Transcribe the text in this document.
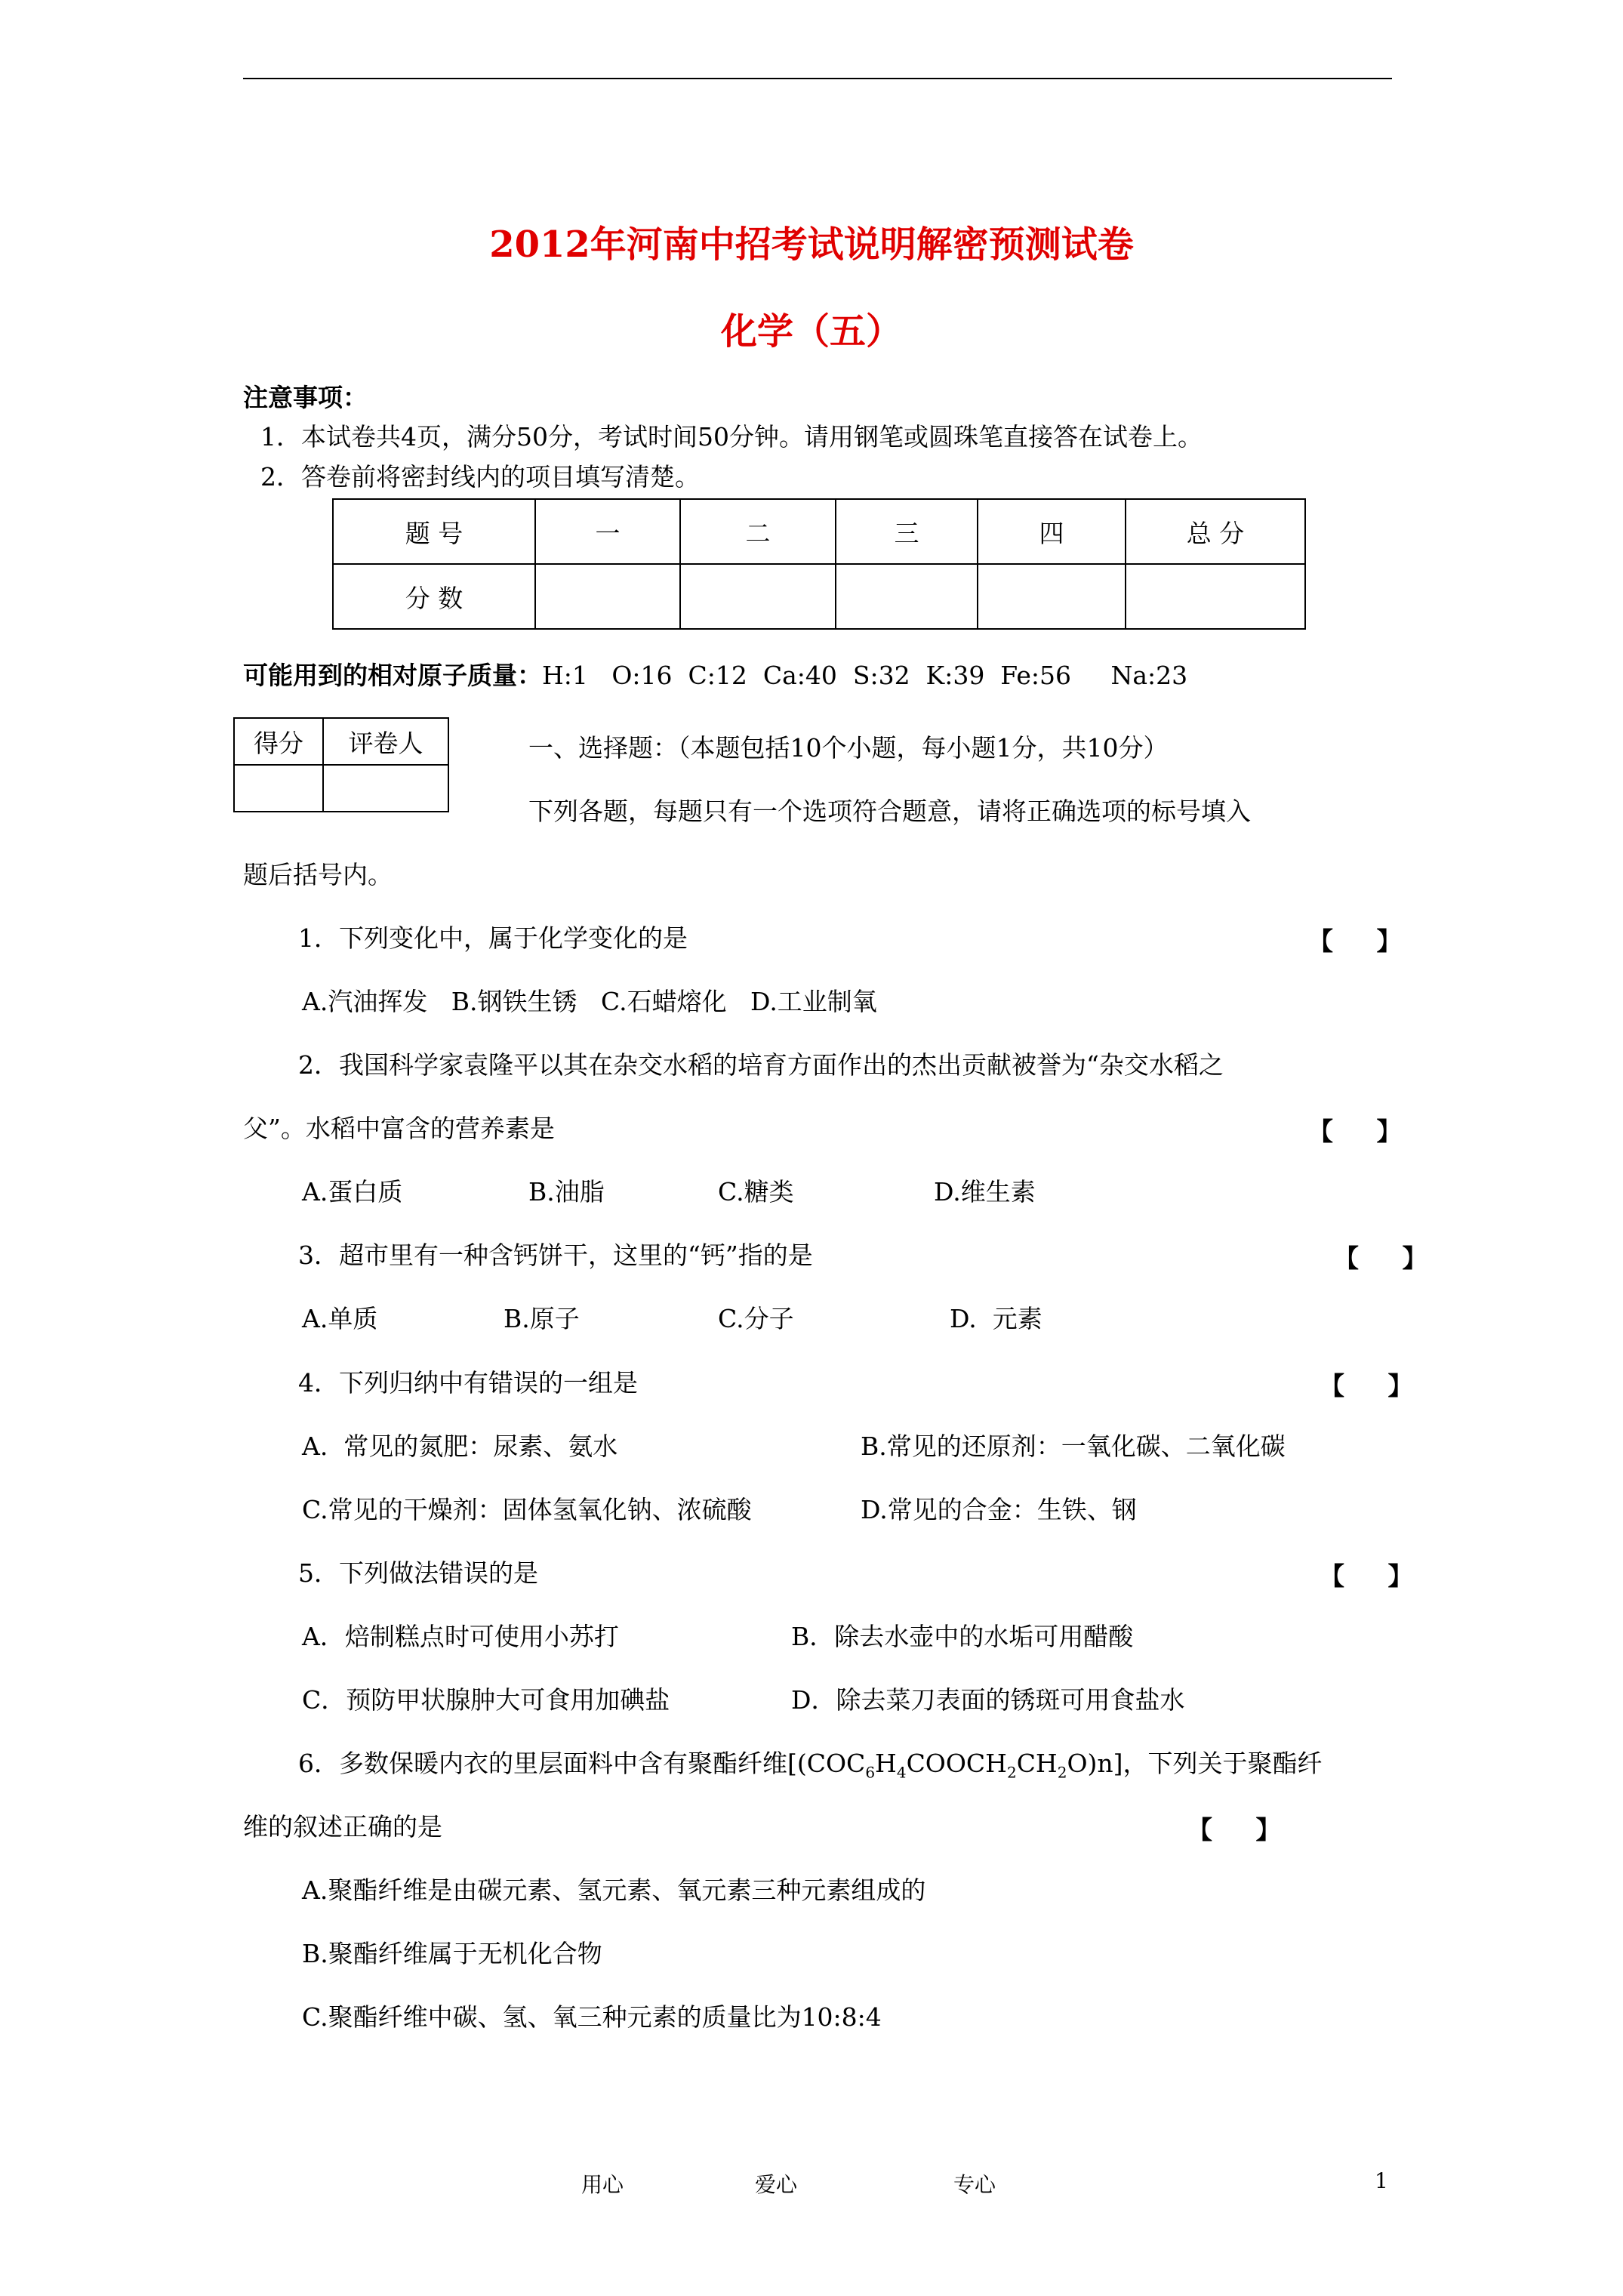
2012年河南中招考试说明解密预测试卷
化学（五）
注意事项：
1．本试卷共4页，满分50分，考试时间50分钟。请用钢笔或圆珠笔直接答在试卷上。
2．答卷前将密封线内的项目填写清楚。
题 号	一	二	三	四	总 分
分 数					
可能用到的相对原子质量：H:1   O:16  C:12  Ca:40  S:32  K:39  Fe:56     Na:23
得分	评卷人
		一、选择题：（本题包括10个小题，每小题1分，共10分）
下列各题，每题只有一个选项符合题意，请将正确选项的标号填入
题后括号内。
1．下列变化中，属于化学变化的是	【     】
A.汽油挥发   B.钢铁生锈   C.石蜡熔化   D.工业制氧
2．我国科学家袁隆平以其在杂交水稻的培育方面作出的杰出贡献被誉为“杂交水稻之
父”。水稻中富含的营养素是	【     】
A.蛋白质	B.油脂	C.糖类	D.维生素
3．超市里有一种含钙饼干，这里的“钙”指的是	【     】
A.单质	B.原子	C.分子	D.  元素
4．下列归纳中有错误的一组是	【     】
A.  常见的氮肥：尿素、氨水	B.常见的还原剂：一氧化碳、二氧化碳
C.常见的干燥剂：固体氢氧化钠、浓硫酸	D.常见的合金：生铁、钢
5．下列做法错误的是	【     】
A．焙制糕点时可使用小苏打	B．除去水壶中的水垢可用醋酸
C．预防甲状腺肿大可食用加碘盐	D．除去菜刀表面的锈斑可用食盐水
6．多数保暖内衣的里层面料中含有聚酯纤维$[(COC_6H_4COOCH_2CH_2O)n]$，下列关于聚酯纤
维的叙述正确的是	【     】
A.聚酯纤维是由碳元素、氢元素、氧元素三种元素组成的
B.聚酯纤维属于无机化合物
C.聚酯纤维中碳、氢、氧三种元素的质量比为10:8:4
用心	爱心	专心	1
